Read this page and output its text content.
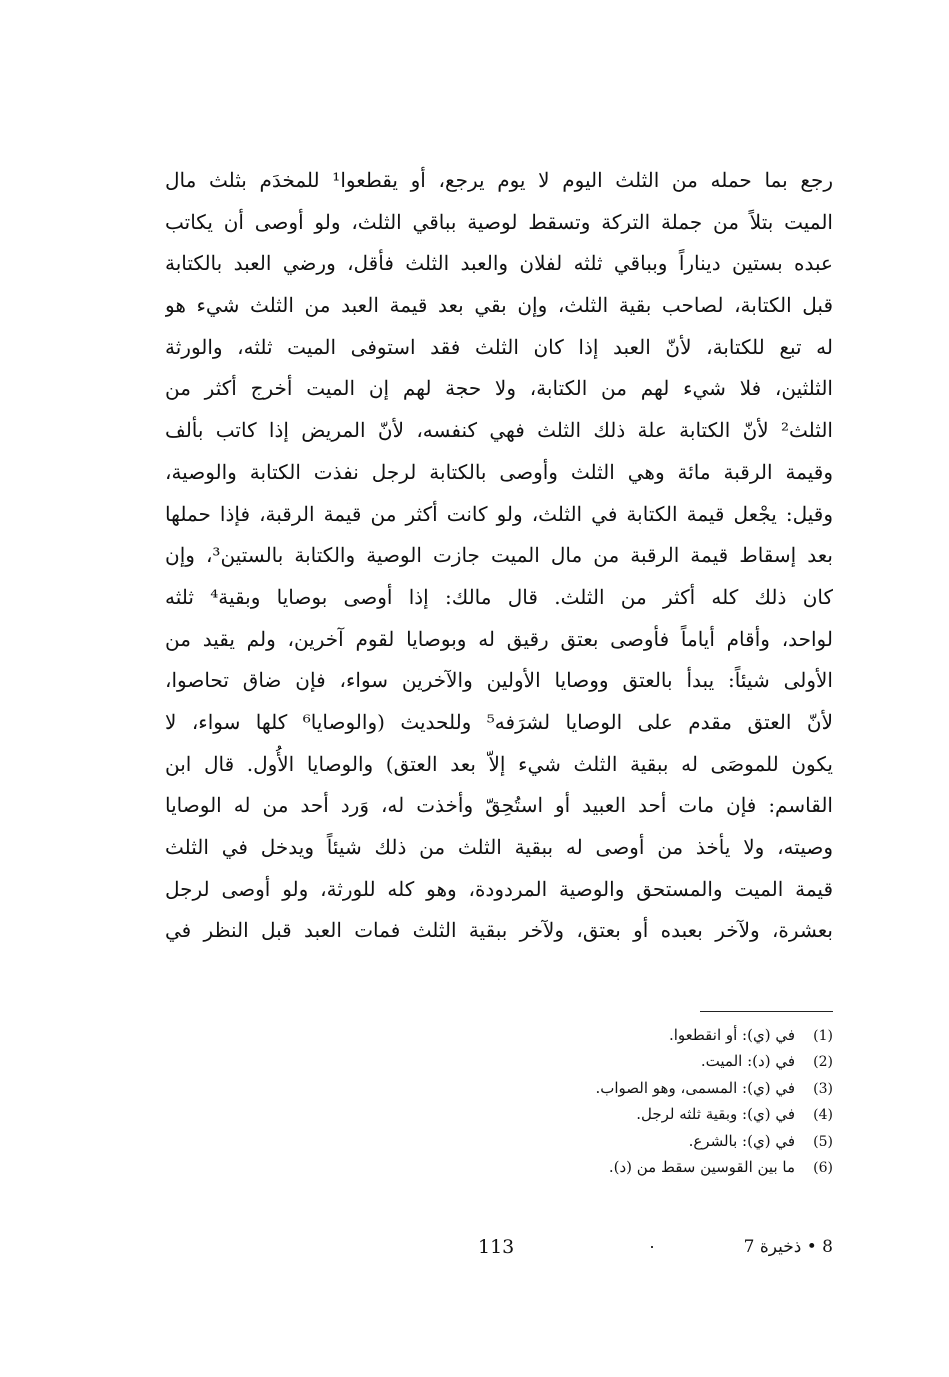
رجع بما حمله من الثلث اليوم لا يوم يرجع، أو يقطعوا¹ للمخدَم بثلث مال
الميت بتلاً من جملة التركة وتسقط لوصية بباقي الثلث، ولو أوصى أن يكاتب
عبده بستين ديناراً وبباقي ثلثه لفلان والعبد الثلث فأقل، ورضي العبد بالكتابة
قبل الكتابة، لصاحب بقية الثلث، وإن بقي بعد قيمة العبد من الثلث شيء هو
له تبع للكتابة، لأنّ العبد إذا كان الثلث فقد استوفى الميت ثلثه، والورثة
الثلثين، فلا شيء لهم من الكتابة، ولا حجة لهم إن الميت أخرج أكثر من
الثلث² لأنّ الكتابة علة ذلك الثلث فهي كنفسه، لأنّ المريض إذا كاتب بألف
وقيمة الرقبة مائة وهي الثلث وأوصى بالكتابة لرجل نفذت الكتابة والوصية،
وقيل: يجْعل قيمة الكتابة في الثلث، ولو كانت أكثر من قيمة الرقبة، فإذا حملها
بعد إسقاط قيمة الرقبة من مال الميت جازت الوصية والكتابة بالستين³، وإن
كان ذلك كله أكثر من الثلث. قال مالك: إذا أوصى بوصايا وبقية⁴ ثلثه
لواحد، وأقام أياماً فأوصى بعتق رقيق له وبوصايا لقوم آخرين، ولم يقيد من
الأولى شيئاً: يبدأ بالعتق ووصايا الأولين والآخرين سواء، فإن ضاق تحاصوا،
لأنّ العتق مقدم على الوصايا لشرَفه⁵ وللحديث (والوصايا⁶ كلها سواء، لا
يكون للموصَى له ببقية الثلث شيء إلاّ بعد العتق) والوصايا الأُول. قال ابن
القاسم: فإن مات أحد العبيد أو استُحِقّ وأخذت له، وَرد أحد من له الوصايا
وصيته، ولا يأخذ من أوصى له ببقية الثلث من ذلك شيئاً ويدخل في الثلث
قيمة الميت والمستحق والوصية المردودة، وهو كله للورثة، ولو أوصى لرجل
بعشرة، ولآخر بعبده أو بعتق، ولآخر ببقية الثلث فمات العبد قبل النظر في
(1)في (ي): أو انقطعوا.
(2)في (د): الميت.
(3)في (ي): المسمى، وهو الصواب.
(4)في (ي): وبقية ثلثه لرجل.
(5)في (ي): بالشرع.
(6)ما بين القوسين سقط من (د).
113	8 • ذخيرة 7
